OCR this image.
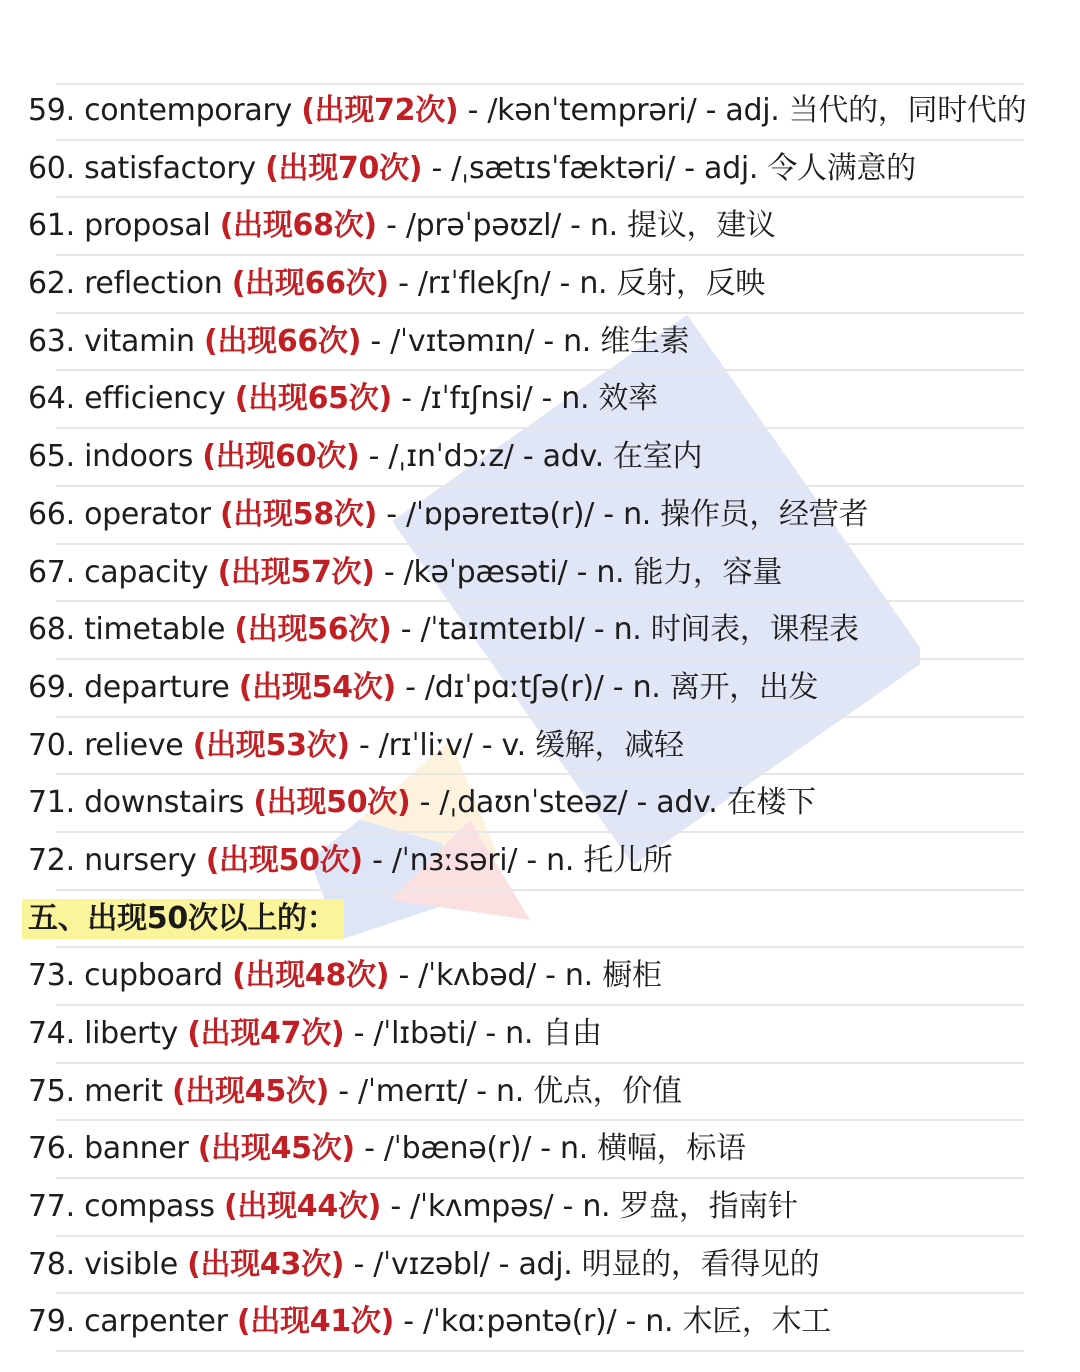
59. contemporary (出现72次) - /kənˈtemprəri/ - adj. 当代的，同时代的
60. satisfactory (出现70次) - /ˌsætɪsˈfæktəri/ - adj. 令人满意的
61. proposal (出现68次) - /prəˈpəʊzl/ - n. 提议，建议
62. reflection (出现66次) - /rɪˈflekʃn/ - n. 反射，反映
63. vitamin (出现66次) - /ˈvɪtəmɪn/ - n. 维生素
64. efficiency (出现65次) - /ɪˈfɪʃnsi/ - n. 效率
65. indoors (出现60次) - /ˌɪnˈdɔːz/ - adv. 在室内
66. operator (出现58次) - /ˈɒpəreɪtə(r)/ - n. 操作员，经营者
67. capacity (出现57次) - /kəˈpæsəti/ - n. 能力，容量
68. timetable (出现56次) - /ˈtaɪmteɪbl/ - n. 时间表，课程表
69. departure (出现54次) - /dɪˈpɑːtʃə(r)/ - n. 离开，出发
70. relieve (出现53次) - /rɪˈliːv/ - v. 缓解，减轻
71. downstairs (出现50次) - /ˌdaʊnˈsteəz/ - adv. 在楼下
72. nursery (出现50次) - /ˈnɜːsəri/ - n. 托儿所
五、出现50次以上的：
73. cupboard (出现48次) - /ˈkʌbəd/ - n. 橱柜
74. liberty (出现47次) - /ˈlɪbəti/ - n. 自由
75. merit (出现45次) - /ˈmerɪt/ - n. 优点，价值
76. banner (出现45次) - /ˈbænə(r)/ - n. 横幅，标语
77. compass (出现44次) - /ˈkʌmpəs/ - n. 罗盘，指南针
78. visible (出现43次) - /ˈvɪzəbl/ - adj. 明显的，看得见的
79. carpenter (出现41次) - /ˈkɑːpəntə(r)/ - n. 木匠，木工
